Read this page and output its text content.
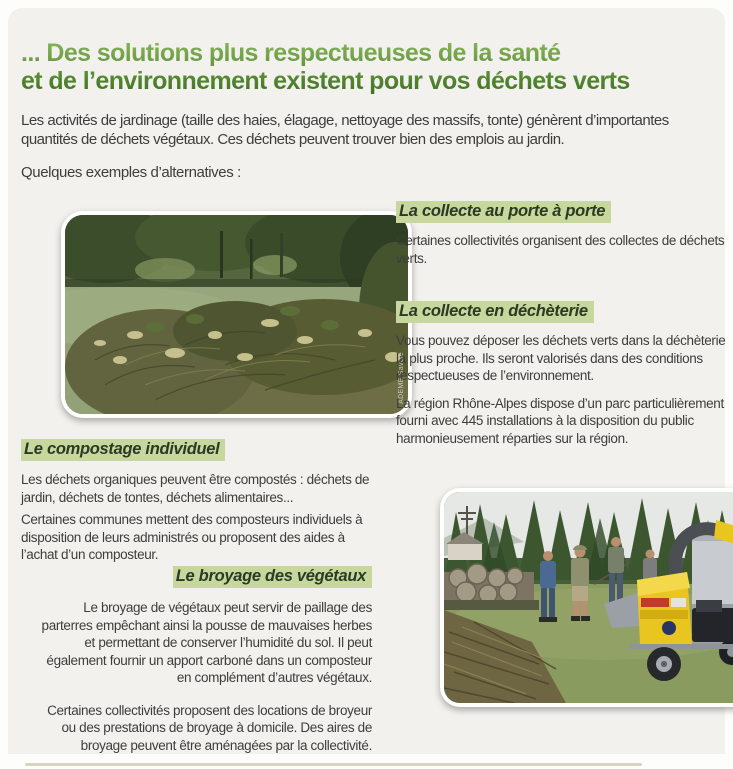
... Des solutions plus respectueuses de la santé
et de l’environnement existent pour vos déchets verts

Les activités de jardinage (taille des haies, élagage, nettoyage des massifs, tonte) génèrent d’importantes quantités de déchets végétaux. Ces déchets peuvent trouver bien des emplois au jardin.

Quelques exemples d’alternatives :

ADEME Savoie
La collecte au porte à porte

Certaines collectivités organisent des collectes de déchets verts.

La collecte en déchèterie

Vous pouvez déposer les déchets verts dans la déchèterie la plus proche. Ils seront valorisés dans des conditions respectueuses de l’environnement.

La région Rhône-Alpes dispose d’un parc particulièrement fourni avec 445 installations à la disposition du public harmonieusement réparties sur la région.

Le compostage individuel

Les déchets organiques peuvent être compostés : déchets de jardin, déchets de tontes, déchets alimentaires...

Certaines communes mettent des composteurs individuels à disposition de leurs administrés ou proposent des aides à l’achat d’un composteur.

Le broyage des végétaux

Le broyage de végétaux peut servir de paillage des parterres empêchant ainsi la pousse de mauvaises herbes et permettant de conserver l’humidité du sol. Il peut également fournir un apport carboné dans un composteur en complément d’autres végétaux.

Certaines collectivités proposent des locations de broyeur ou des prestations de broyage à domicile. Des aires de broyage peuvent être aménagées par la collectivité.
